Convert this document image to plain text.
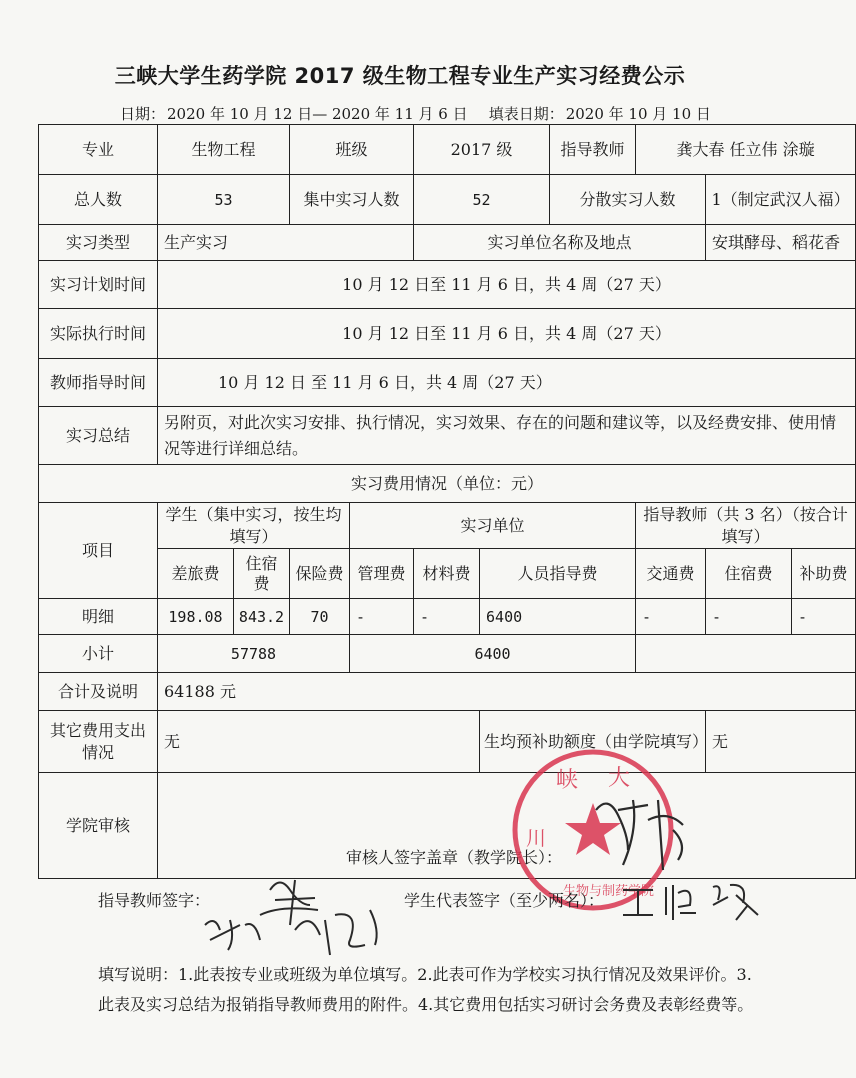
三峡大学生药学院 2017 级生物工程专业生产实习经费公示
日期： 2020 年 10 月 12 日— 2020 年 11 月 6 日 填表日期： 2020 年 10 月 10 日
专业	生物工程		班级		2017 级		指导教师	龚大春 任立伟 涂璇		
总人数	53		集中实习人数		52		分散实习人数		1（制定武汉人福）	
实习类型	生产实习				实习单位名称及地点				安琪酵母、稻花香	
实习计划时间	10 月 12 日至 11 月 6 日，共 4 周（27 天）									
实际执行时间	10 月 12 日至 11 月 6 日，共 4 周（27 天）									
教师指导时间	10 月 12 日 至 11 月 6 日，共 4 周（27 天）									
实习总结	另附页，对此次实习安排、执行情况，实习效果、存在的问题和建议等，以及经费安排、使用情况等进行详细总结。									
实习费用情况（单位：元）										
项目	学生（集中实习，按生均填写）			实习单位				指导教师（共 3 名）（按合计填写）		
	差旅费	住宿费	保险费	管理费	材料费	人员指导费		交通费	住宿费	补助费
明细	198.08	843.2	70	-	-	6400		-	-	-
小计	57788			6400						
合计及说明	64188 元									
其它费用支出情况	无					生均预补助额度（由学院填写）			无	
学院审核	审核人签字盖章（教学院长）：									
峡 大
川
生物与制药学院
指导教师签字：	学生代表签字（至少两名）：
填写说明：1.此表按专业或班级为单位填写。2.此表可作为学校实习执行情况及效果评价。3.此表及实习总结为报销指导教师费用的附件。4.其它费用包括实习研讨会务费及表彰经费等。
